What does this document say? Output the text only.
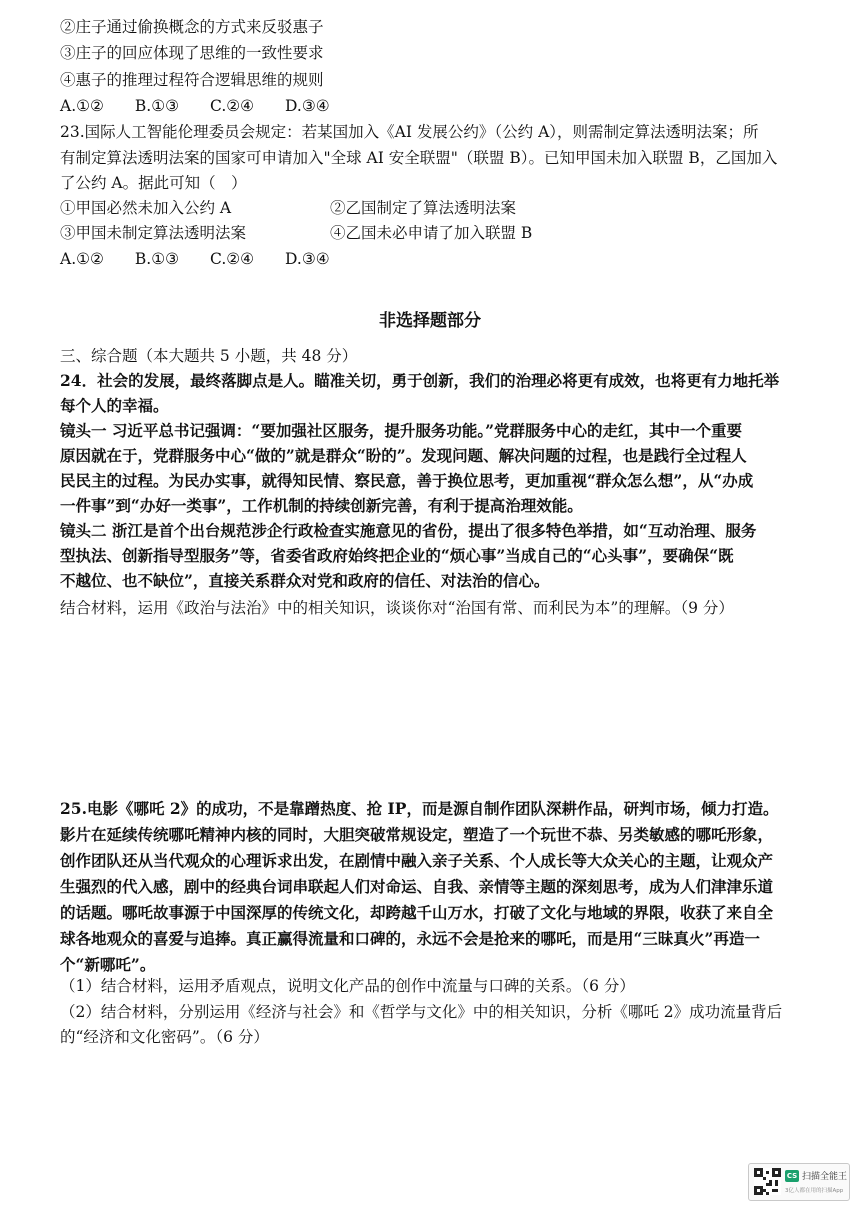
②庄子通过偷换概念的方式来反驳惠子
③庄子的回应体现了思维的一致性要求
④惠子的推理过程符合逻辑思维的规则
A.①②　　B.①③　　C.②④　　D.③④
23.国际人工智能伦理委员会规定：若某国加入《AI 发展公约》（公约 A），则需制定算法透明法案；所
有制定算法透明法案的国家可申请加入"全球 AI 安全联盟"（联盟 B）。已知甲国未加入联盟 B，乙国加入
了公约 A。据此可知（　）
①甲国必然未加入公约 A	②乙国制定了算法透明法案
③甲国未制定算法透明法案	④乙国未必申请了加入联盟 B
A.①②　　B.①③　　C.②④　　D.③④
非选择题部分
三、综合题（本大题共 5 小题，共 48 分）
24．社会的发展，最终落脚点是人。瞄准关切，勇于创新，我们的治理必将更有成效，也将更有力地托举
每个人的幸福。
镜头一 习近平总书记强调：“要加强社区服务，提升服务功能。”党群服务中心的走红，其中一个重要
原因就在于，党群服务中心“做的”就是群众“盼的”。发现问题、解决问题的过程，也是践行全过程人
民民主的过程。为民办实事，就得知民情、察民意，善于换位思考，更加重视“群众怎么想”，从“办成
一件事”到“办好一类事”，工作机制的持续创新完善，有利于提高治理效能。
镜头二 浙江是首个出台规范涉企行政检查实施意见的省份，提出了很多特色举措，如“互动治理、服务
型执法、创新指导型服务”等，省委省政府始终把企业的“烦心事”当成自己的“心头事”，要确保“既
不越位、也不缺位”，直接关系群众对党和政府的信任、对法治的信心。
结合材料，运用《政治与法治》中的相关知识，谈谈你对“治国有常、而利民为本”的理解。（9 分）
25.电影《哪吒 2》的成功，不是靠蹭热度、抢 IP，而是源自制作团队深耕作品，研判市场，倾力打造。
影片在延续传统哪吒精神内核的同时，大胆突破常规设定，塑造了一个玩世不恭、另类敏感的哪吒形象，
创作团队还从当代观众的心理诉求出发，在剧情中融入亲子关系、个人成长等大众关心的主题，让观众产
生强烈的代入感，剧中的经典台词串联起人们对命运、自我、亲情等主题的深刻思考，成为人们津津乐道
的话题。哪吒故事源于中国深厚的传统文化，却跨越千山万水，打破了文化与地域的界限，收获了来自全
球各地观众的喜爱与追捧。真正赢得流量和口碑的，永远不会是抢来的哪吒，而是用“三昧真火”再造一
个“新哪吒”。
（1）结合材料，运用矛盾观点，说明文化产品的创作中流量与口碑的关系。（6 分）
（2）结合材料，分别运用《经济与社会》和《哲学与文化》中的相关知识，分析《哪吒 2》成功流量背后
的“经济和文化密码”。（6 分）
CS 扫描全能王
3亿人都在用的扫描App
